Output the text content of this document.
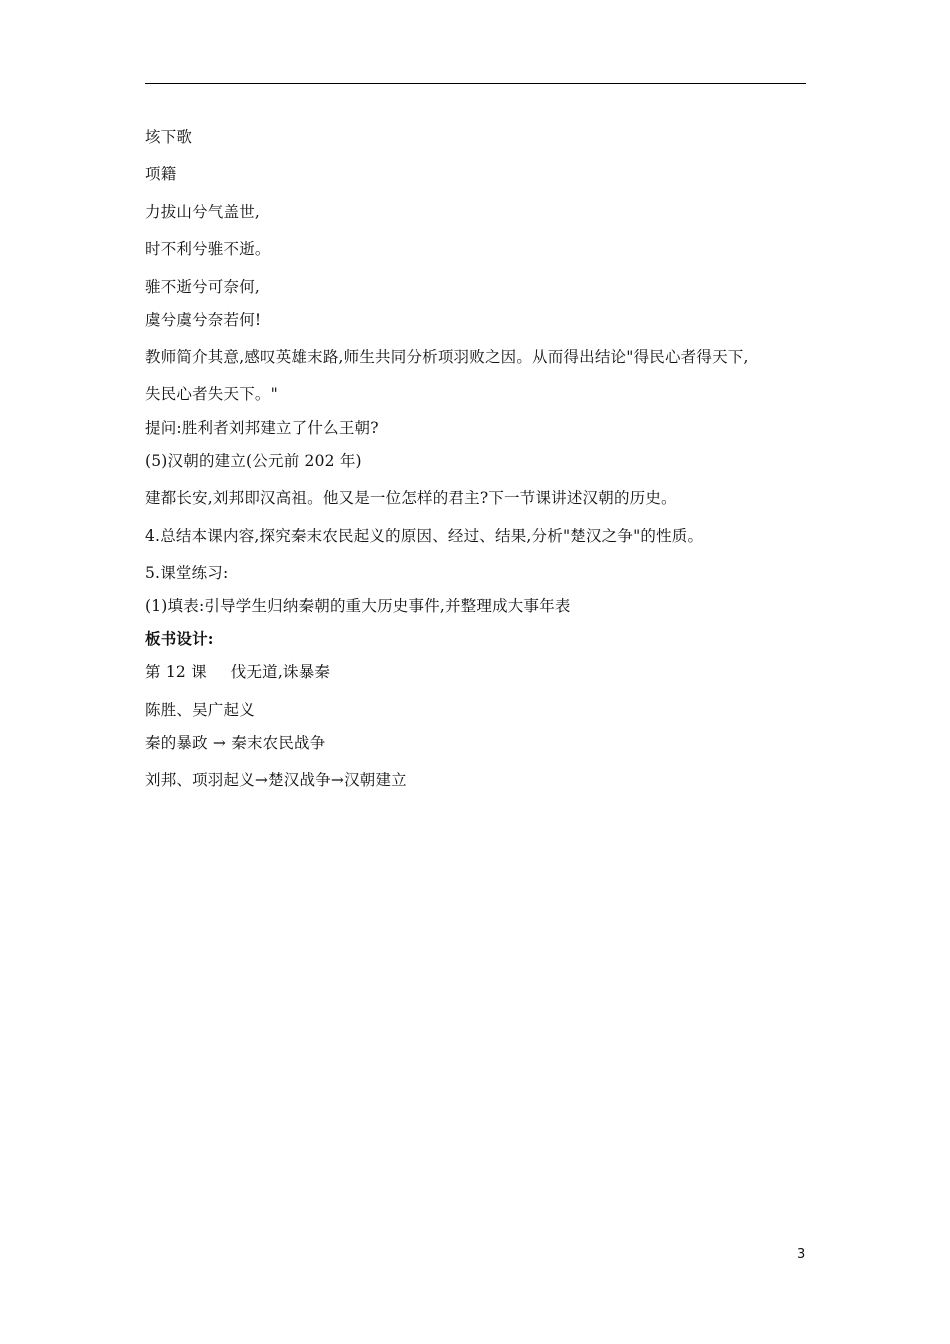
垓下歌
项籍
力拔山兮气盖世,
时不利兮骓不逝。
骓不逝兮可奈何,
虞兮虞兮奈若何!
教师简介其意,感叹英雄末路,师生共同分析项羽败之因。从而得出结论"得民心者得天下,
失民心者失天下。"
提问:胜利者刘邦建立了什么王朝?
(5)汉朝的建立(公元前 202 年)
建都长安,刘邦即汉高祖。他又是一位怎样的君主?下一节课讲述汉朝的历史。
4.总结本课内容,探究秦末农民起义的原因、经过、结果,分析"楚汉之争"的性质。
5.课堂练习:
(1)填表:引导学生归纳秦朝的重大历史事件,并整理成大事年表
板书设计:
第 12 课 伐无道,诛暴秦
陈胜、吴广起义
秦的暴政 → 秦末农民战争
刘邦、项羽起义→楚汉战争→汉朝建立
3
